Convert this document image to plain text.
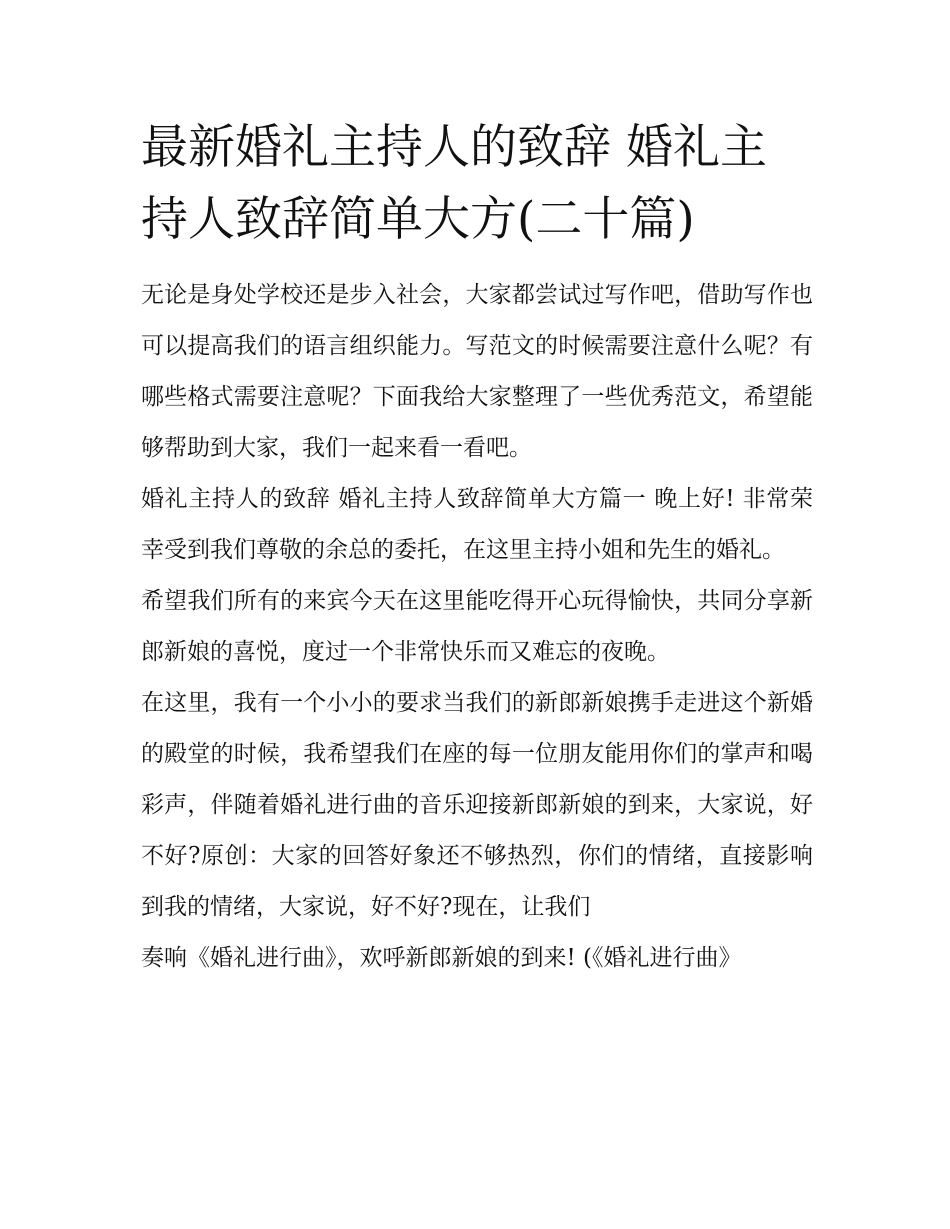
最新婚礼主持人的致辞 婚礼主持人致辞简单大方(二十篇)

无论是身处学校还是步入社会，大家都尝试过写作吧，借助写作也可以提高我们的语言组织能力。写范文的时候需要注意什么呢？有哪些格式需要注意呢？下面我给大家整理了一些优秀范文，希望能够帮助到大家，我们一起来看一看吧。

婚礼主持人的致辞 婚礼主持人致辞简单大方篇一 晚上好! 非常荣幸受到我们尊敬的余总的委托，在这里主持小姐和先生的婚礼。

希望我们所有的来宾今天在这里能吃得开心玩得愉快，共同分享新郎新娘的喜悦，度过一个非常快乐而又难忘的夜晚。

在这里，我有一个小小的要求当我们的新郎新娘携手走进这个新婚的殿堂的时候，我希望我们在座的每一位朋友能用你们的掌声和喝彩声，伴随着婚礼进行曲的音乐迎接新郎新娘的到来，大家说，好不好?原创：大家的回答好象还不够热烈，你们的情绪，直接影响到我的情绪，大家说，好不好?现在，让我们

奏响《婚礼进行曲》，欢呼新郎新娘的到来! (《婚礼进行曲》
